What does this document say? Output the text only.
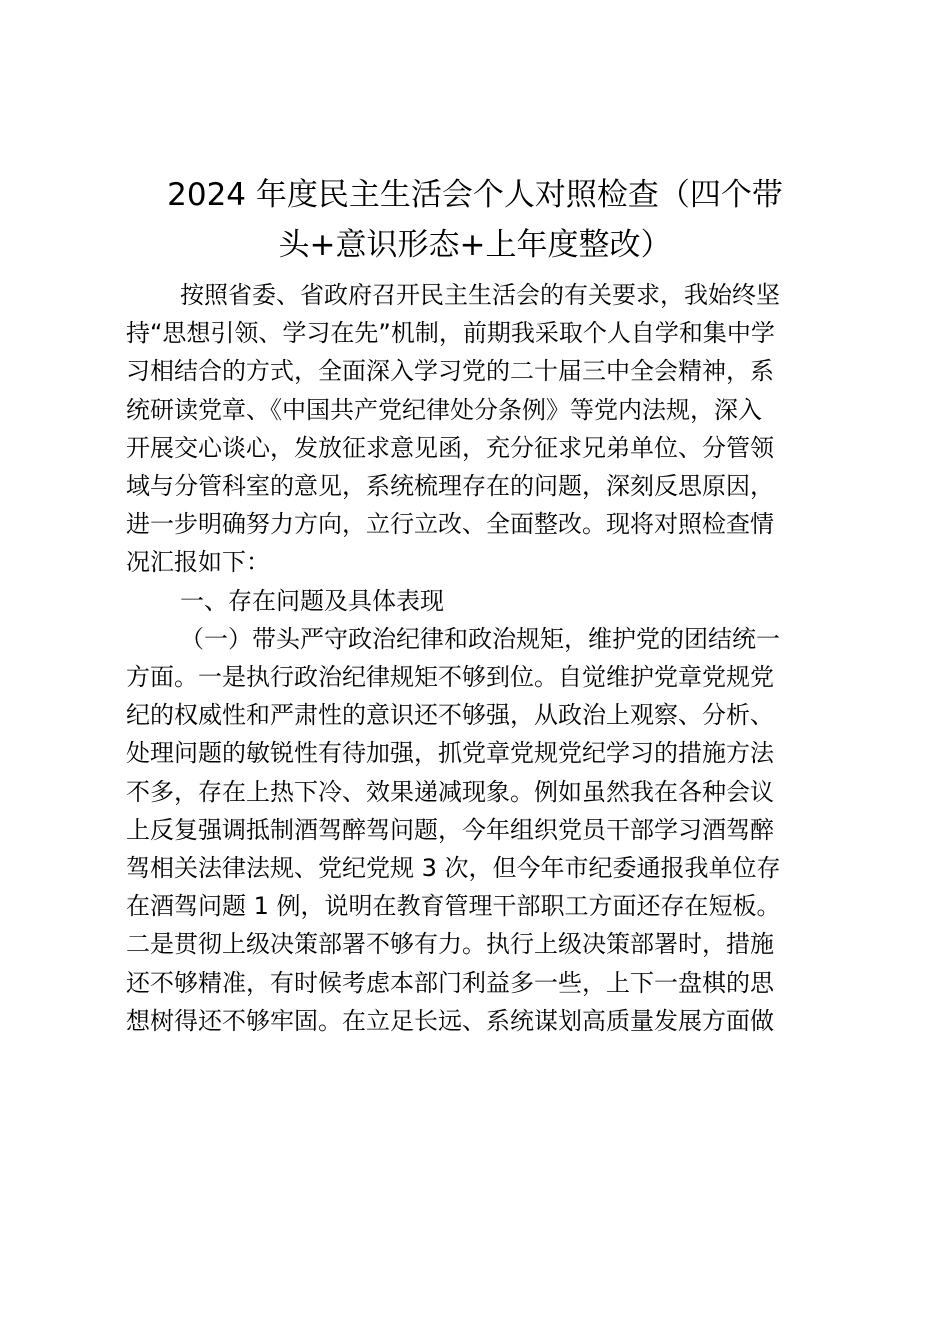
2024 年度民主生活会个人对照检查（四个带
头+意识形态+上年度整改）

按照省委、省政府召开民主生活会的有关要求，我始终坚

持“思想引领、学习在先”机制，前期我采取个人自学和集中学

习相结合的方式，全面深入学习党的二十届三中全会精神，系

统研读党章、《中国共产党纪律处分条例》等党内法规，深入

开展交心谈心，发放征求意见函，充分征求兄弟单位、分管领

域与分管科室的意见，系统梳理存在的问题，深刻反思原因，

进一步明确努力方向，立行立改、全面整改。现将对照检查情

况汇报如下：

一、存在问题及具体表现

（一）带头严守政治纪律和政治规矩，维护党的团结统一

方面。一是执行政治纪律规矩不够到位。自觉维护党章党规党

纪的权威性和严肃性的意识还不够强，从政治上观察、分析、

处理问题的敏锐性有待加强，抓党章党规党纪学习的措施方法

不多，存在上热下冷、效果递减现象。例如虽然我在各种会议

上反复强调抵制酒驾醉驾问题，今年组织党员干部学习酒驾醉

驾相关法律法规、党纪党规 3 次，但今年市纪委通报我单位存

在酒驾问题 1 例，说明在教育管理干部职工方面还存在短板。

二是贯彻上级决策部署不够有力。执行上级决策部署时，措施

还不够精准，有时候考虑本部门利益多一些，上下一盘棋的思

想树得还不够牢固。在立足长远、系统谋划高质量发展方面做
